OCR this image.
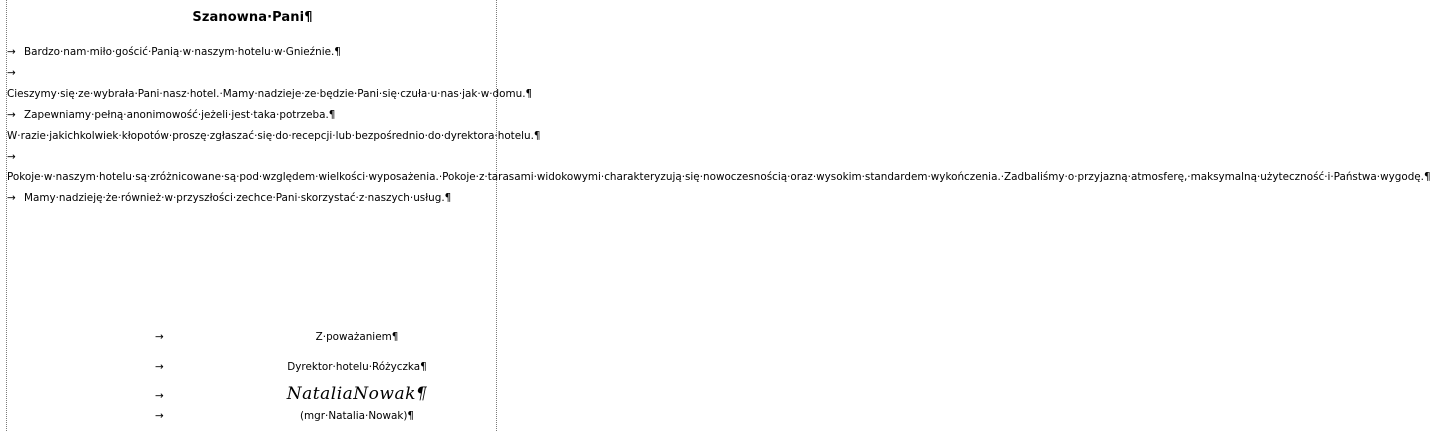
Szanowna·Pani¶

→ Bardzo·nam·miło·gościć·Panią·w·naszym·hotelu·w·Gnieźnie.¶

→Cieszymy·się·ze·wybrała·Pani·nasz·hotel.·Mamy·nadzieje·ze·będzie·Pani·się·czuła·u·nas·jak·w·domu.¶

→ Zapewniamy·pełną·anonimowość·jeżeli·jest·taka·potrzeba.¶

W·razie·jakichkolwiek·kłopotów·proszę·zgłaszać·się·do·recepcji·lub·bezpośrednio·do·dyrektora·hotelu.¶

→Pokoje·w·naszym·hotelu·są·zróżnicowane·są·pod·względem·wielkości·wyposażenia.·Pokoje·z·tarasami·widokowymi·charakteryzują·się·nowoczesnością·oraz·wysokim·standardem·wykończenia.·Zadbaliśmy·o·przyjazną·atmosferę,·maksymalną·użyteczność·i·Państwa·wygodę.¶

→ Mamy·nadzieję·że·również·w·przyszłości·zechce·Pani·skorzystać·z·naszych·usług.¶

→	Z·poważaniem¶
→	Dyrektor·hotelu·Różyczka¶
→	NataliaNowak¶
→	(mgr·Natalia·Nowak)¶
